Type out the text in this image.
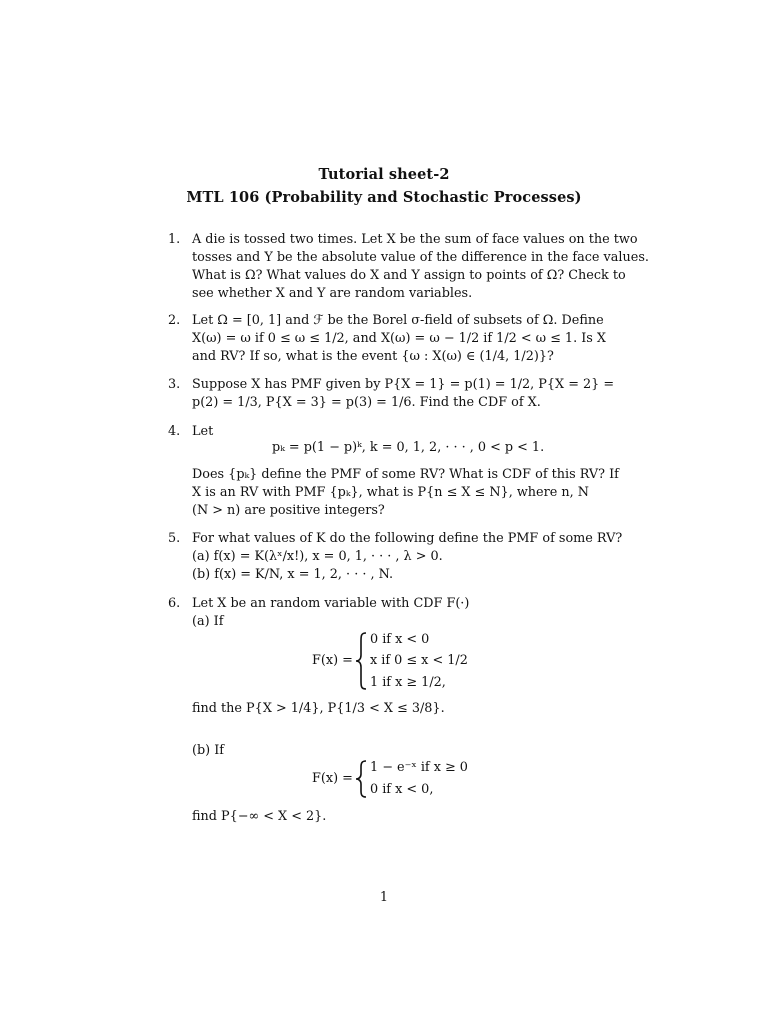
Tutorial sheet-2
MTL 106 (Probability and Stochastic Processes)
1. A die is tossed two times. Let X be the sum of face values on the two
tosses and Y be the absolute value of the difference in the face values.
What is Ω? What values do X and Y assign to points of Ω? Check to
see whether X and Y are random variables.
2. Let Ω = [0, 1] and ℱ be the Borel σ-field of subsets of Ω. Define
X(ω) = ω if 0 ≤ ω ≤ 1/2, and X(ω) = ω − 1/2 if 1/2 < ω ≤ 1. Is X
and RV? If so, what is the event {ω : X(ω) ∈ (1/4, 1/2)}?
3. Suppose X has PMF given by P{X = 1} = p(1) = 1/2, P{X = 2} =
p(2) = 1/3, P{X = 3} = p(3) = 1/6. Find the CDF of X.
4. Let
pₖ = p(1 − p)ᵏ, k = 0, 1, 2, · · · , 0 < p < 1.
Does {pₖ} define the PMF of some RV? What is CDF of this RV? If
X is an RV with PMF {pₖ}, what is P{n ≤ X ≤ N}, where n, N
(N > n) are positive integers?
5. For what values of K do the following define the PMF of some RV?
(a) f(x) = K(λˣ/x!), x = 0, 1, · · · , λ > 0.
(b) f(x) = K/N, x = 1, 2, · · · , N.
6. Let X be an random variable with CDF F(·)
(a) If
F(x) =
0 if x < 0
x if 0 ≤ x < 1/2
1 if x ≥ 1/2,
find the P{X > 1/4}, P{1/3 < X ≤ 3/8}.
(b) If
F(x) =
1 − e⁻ˣ if x ≥ 0
0 if x < 0,
find P{−∞ < X < 2}.
1
